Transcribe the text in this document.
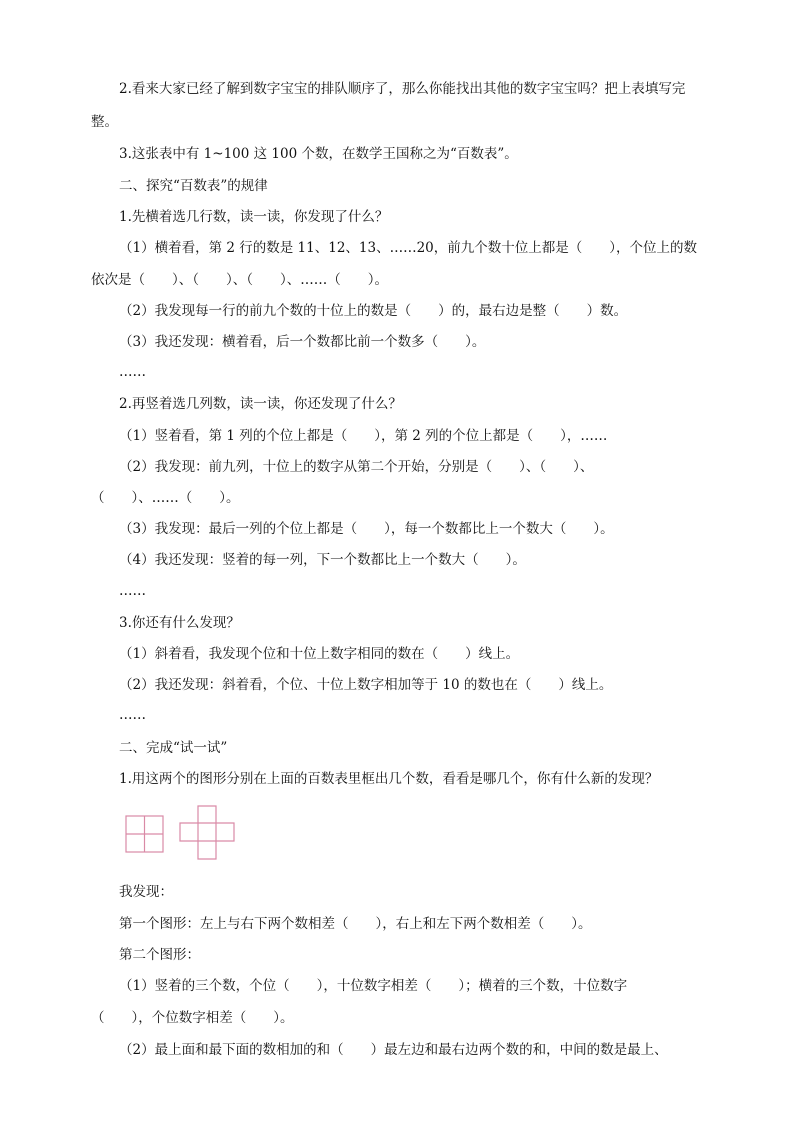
2.看来大家已经了解到数字宝宝的排队顺序了，那么你能找出其他的数字宝宝吗？把上表填写完
整。
3.这张表中有 1~100 这 100 个数，在数学王国称之为“百数表”。
二、探究“百数表”的规律
1.先横着选几行数，读一读，你发现了什么？
（1）横着看，第 2 行的数是 11、12、13、……20，前九个数十位上都是（　　），个位上的数
依次是（　　）、（　　）、（　　）、……（　　）。
（2）我发现每一行的前九个数的十位上的数是（　　）的，最右边是整（　　）数。
（3）我还发现：横着看，后一个数都比前一个数多（　　）。
……
2.再竖着选几列数，读一读，你还发现了什么？
（1）竖着看，第 1 列的个位上都是（　　），第 2 列的个位上都是（　　），……
（2）我发现：前九列，十位上的数字从第二个开始，分别是（　　）、（　　）、
（　　）、……（　　）。
（3）我发现：最后一列的个位上都是（　　），每一个数都比上一个数大（　　）。
（4）我还发现：竖着的每一列，下一个数都比上一个数大（　　）。
……
3.你还有什么发现？
（1）斜着看，我发现个位和十位上数字相同的数在（　　）线上。
（2）我还发现：斜着看，个位、十位上数字相加等于 10 的数也在（　　）线上。
……
二、完成“试一试”
1.用这两个的图形分别在上面的百数表里框出几个数，看看是哪几个，你有什么新的发现？
我发现：
第一个图形：左上与右下两个数相差（　　），右上和左下两个数相差（　　）。
第二个图形：
（1）竖着的三个数，个位（　　），十位数字相差（　　）；横着的三个数，十位数字
（　　），个位数字相差（　　）。
（2）最上面和最下面的数相加的和（　　）最左边和最右边两个数的和，中间的数是最上、
